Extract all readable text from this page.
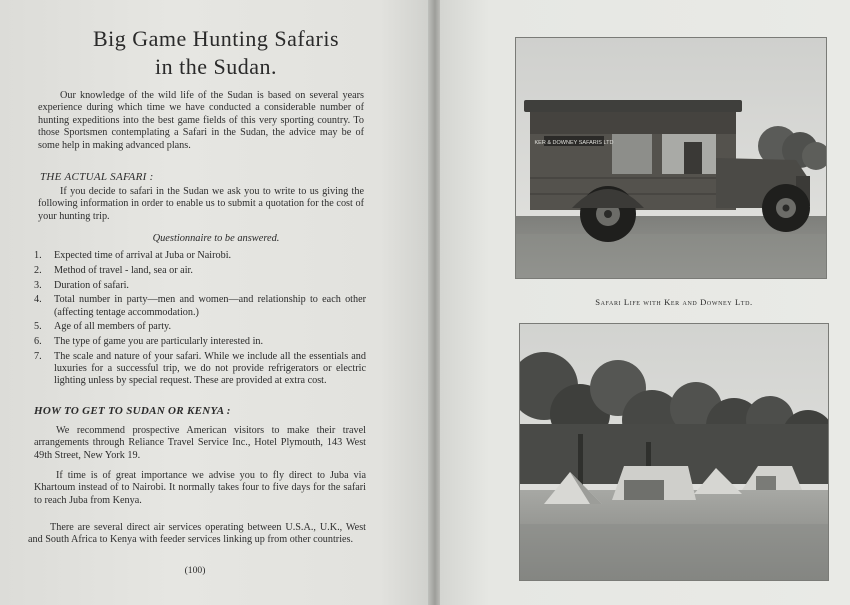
Big Game Hunting Safaris
in the Sudan.
Our knowledge of the wild life of the Sudan is based on several years experience during which time we have conducted a considerable number of hunting expeditions into the best game fields of this very sporting country. To those Sportsmen contemplating a Safari in the Sudan, the advice may be of some help in making advanced plans.
THE ACTUAL SAFARI :
If you decide to safari in the Sudan we ask you to write to us giving the following information in order to enable us to submit a quotation for the cost of your hunting trip.
Questionnaire to be answered.
1. Expected time of arrival at Juba or Nairobi.
2. Method of travel - land, sea or air.
3. Duration of safari.
4. Total number in party—men and women—and relationship to each other (affecting tentage accommodation.)
5. Age of all members of party.
6. The type of game you are particularly interested in.
7. The scale and nature of your safari. While we include all the essentials and luxuries for a successful trip, we do not provide refrigerators or electric lighting unless by special request. These are provided at extra cost.
HOW TO GET TO SUDAN OR KENYA :
We recommend prospective American visitors to make their travel arrangements through Reliance Travel Service Inc., Hotel Plymouth, 143 West 49th Street, New York 19.
If time is of great importance we advise you to fly direct to Juba via Khartoum instead of to Nairobi. It normally takes four to five days for the safari to reach Juba from Kenya.
There are several direct air services operating between U.S.A., U.K., West and South Africa to Kenya with feeder services linking up from other countries.
(100)
KER & DOWNEY SAFARIS LTD
Safari Life with Ker and Downey Ltd.
